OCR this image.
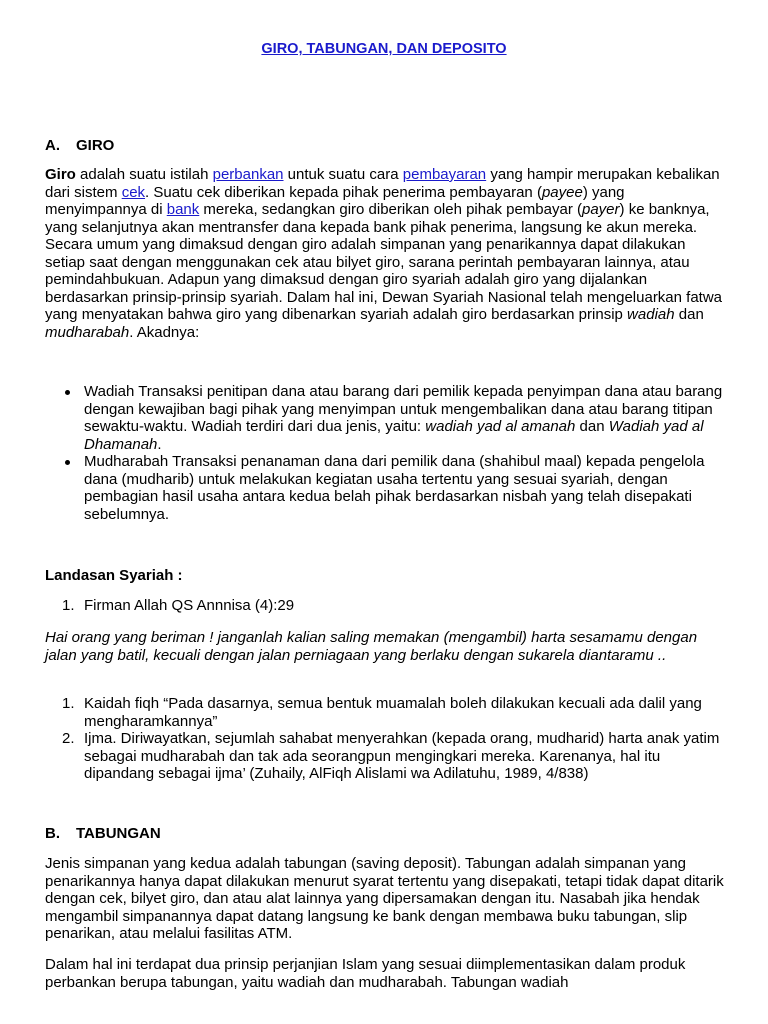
GIRO, TABUNGAN, DAN DEPOSITO
A. GIRO

Giro adalah suatu istilah perbankan untuk suatu cara pembayaran yang hampir merupakan kebalikan dari sistem cek. Suatu cek diberikan kepada pihak penerima pembayaran (payee) yang menyimpannya di bank mereka, sedangkan giro diberikan oleh pihak pembayar (payer) ke banknya, yang selanjutnya akan mentransfer dana kepada bank pihak penerima, langsung ke akun mereka. Secara umum yang dimaksud dengan giro adalah simpanan yang penarikannya dapat dilakukan setiap saat dengan menggunakan cek atau bilyet giro, sarana perintah pembayaran lainnya, atau pemindahbukuan. Adapun yang dimaksud dengan giro syariah adalah giro yang dijalankan berdasarkan prinsip-prinsip syariah. Dalam hal ini, Dewan Syariah Nasional telah mengeluarkan fatwa yang menyatakan bahwa giro yang dibenarkan syariah adalah giro berdasarkan prinsip wadiah dan mudharabah. Akadnya:

Wadiah Transaksi penitipan dana atau barang dari pemilik kepada penyimpan dana atau barang dengan kewajiban bagi pihak yang menyimpan untuk mengembalikan dana atau barang titipan sewaktu-waktu. Wadiah terdiri dari dua jenis, yaitu: wadiah yad al amanah dan Wadiah yad al Dhamanah.
Mudharabah Transaksi penanaman dana dari pemilik dana (shahibul maal) kepada pengelola dana (mudharib) untuk melakukan kegiatan usaha tertentu yang sesuai syariah, dengan pembagian hasil usaha antara kedua belah pihak berdasarkan nisbah yang telah disepakati sebelumnya.
Landasan Syariah :
1. Firman Allah QS Annnisa (4):29

Hai orang yang beriman ! janganlah kalian saling memakan (mengambil) harta sesamamu dengan jalan yang batil, kecuali dengan jalan perniagaan yang berlaku dengan sukarela diantaramu ..

1. Kaidah fiqh “Pada dasarnya, semua bentuk muamalah boleh dilakukan kecuali ada dalil yang mengharamkannya”
2. Ijma. Diriwayatkan, sejumlah sahabat menyerahkan (kepada orang, mudharid) harta anak yatim sebagai mudharabah dan tak ada seorangpun mengingkari mereka. Karenanya, hal itu dipandang sebagai ijma’ (Zuhaily, AlFiqh Alislami wa Adilatuhu, 1989, 4/838)
B. TABUNGAN

Jenis simpanan yang kedua adalah tabungan (saving deposit). Tabungan adalah simpanan yang penarikannya hanya dapat dilakukan menurut syarat tertentu yang disepakati, tetapi tidak dapat ditarik dengan cek, bilyet giro, dan atau alat lainnya yang dipersamakan dengan itu. Nasabah jika hendak mengambil simpanannya dapat datang langsung ke bank dengan membawa buku tabungan, slip penarikan, atau melalui fasilitas ATM.

Dalam hal ini terdapat dua prinsip perjanjian Islam yang sesuai diimplementasikan dalam produk perbankan berupa tabungan, yaitu wadiah dan mudharabah. Tabungan wadiah
